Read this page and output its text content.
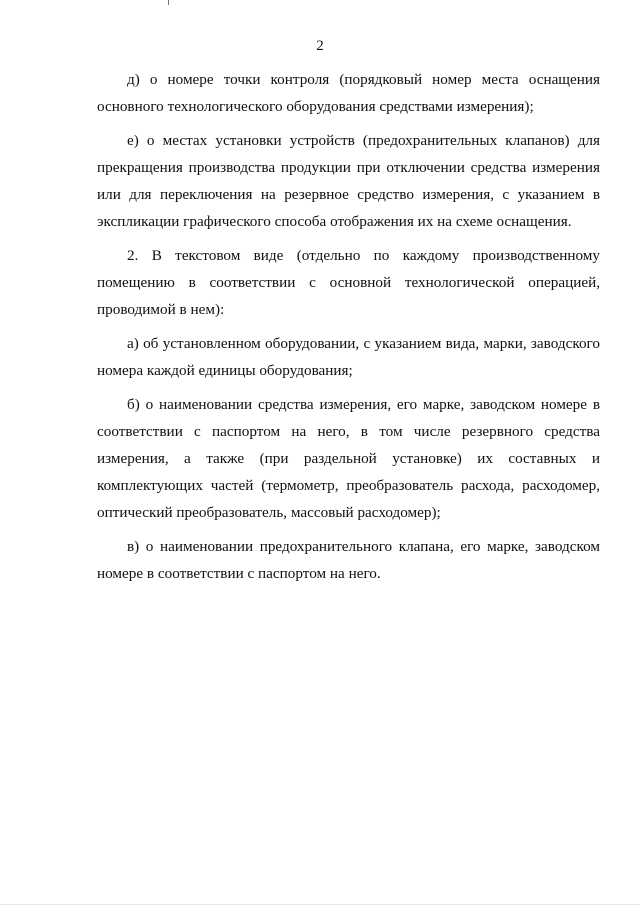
2

д) о номере точки контроля (порядковый номер места оснащения основного технологического оборудования средствами измерения);

е) о местах установки устройств (предохранительных клапанов) для прекращения производства продукции при отключении средства измерения или для переключения на резервное средство измерения, с указанием в экспликации графического способа отображения их на схеме оснащения.

2. В текстовом виде (отдельно по каждому производственному помещению в соответствии с основной технологической операцией, проводимой в нем):

а) об установленном оборудовании, с указанием вида, марки, заводского номера каждой единицы оборудования;

б) о наименовании средства измерения, его марке, заводском номере в соответствии с паспортом на него, в том числе резервного средства измерения, а также (при раздельной установке) их составных и комплектующих частей (термометр, преобразователь расхода, расходомер, оптический преобразователь, массовый расходомер);

в) о наименовании предохранительного клапана, его марке, заводском номере в соответствии с паспортом на него.
